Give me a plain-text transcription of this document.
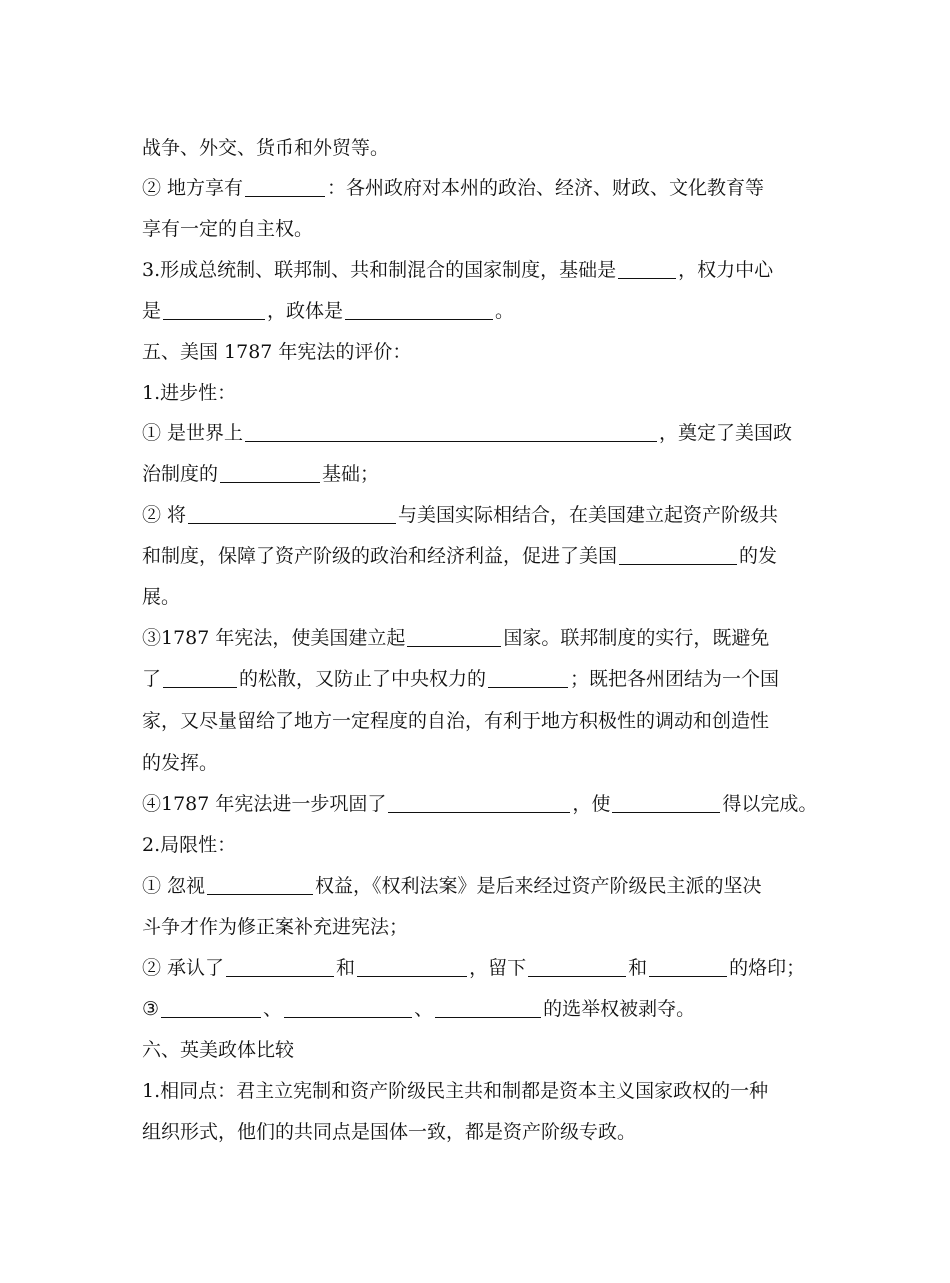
战争、外交、货币和外贸等。
② 地方享有	：各州政府对本州的政治、经济、财政、文化教育等
享有一定的自主权。
3.形成总统制、联邦制、共和制混合的国家制度，基础是	，权力中心
是	，政体是	。
五、美国 1787 年宪法的评价：
1.进步性：
① 是世界上	，奠定了美国政
治制度的	基础；
② 将	与美国实际相结合，在美国建立起资产阶级共
和制度，保障了资产阶级的政治和经济利益，促进了美国	的发
展。
③1787 年宪法，使美国建立起	国家。联邦制度的实行，既避免
了	的松散，又防止了中央权力的	；既把各州团结为一个国
家，又尽量留给了地方一定程度的自治，有利于地方积极性的调动和创造性
的发挥。
④1787 年宪法进一步巩固了	，使	得以完成。
2.局限性：
① 忽视	权益，《权利法案》是后来经过资产阶级民主派的坚决
斗争才作为修正案补充进宪法；
② 承认了	和	，留下	和	的烙印；
③	、	、	的选举权被剥夺。
六、英美政体比较
1.相同点：君主立宪制和资产阶级民主共和制都是资本主义国家政权的一种
组织形式，他们的共同点是国体一致，都是资产阶级专政。
